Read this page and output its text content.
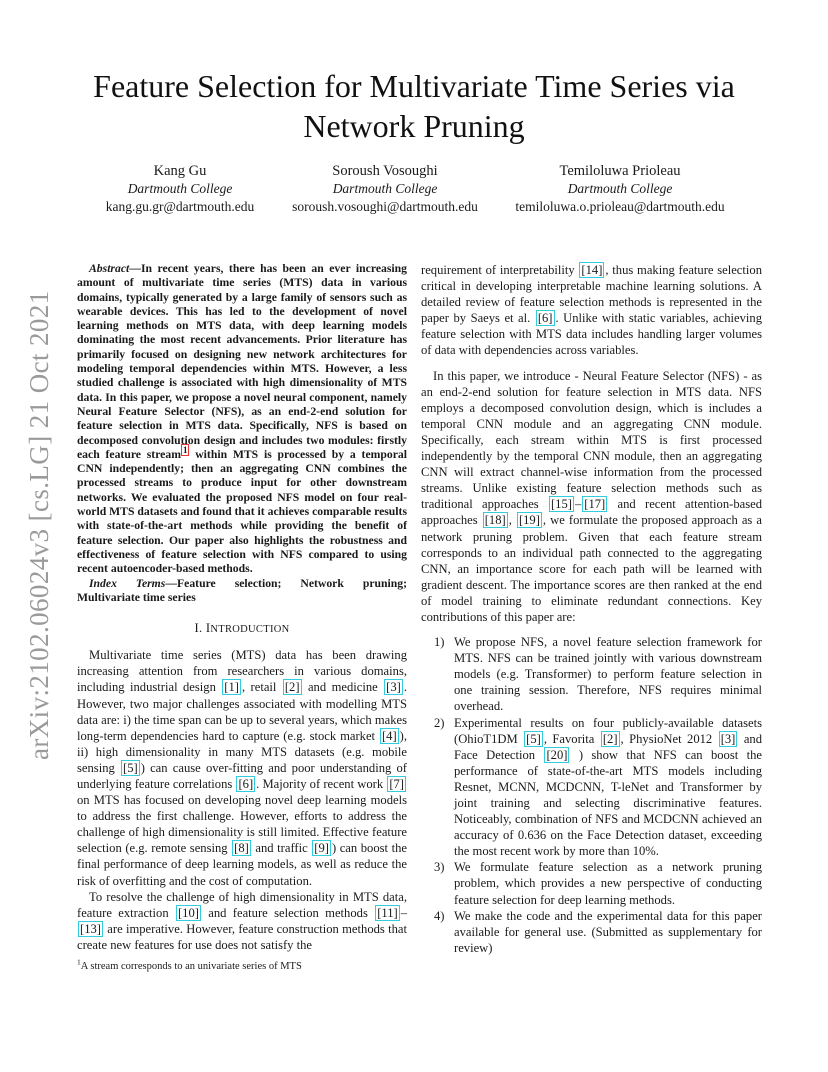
arXiv:2102.06024v3 [cs.LG] 21 Oct 2021
Feature Selection for Multivariate Time Series via Network Pruning
Kang Gu
Dartmouth College
kang.gu.gr@dartmouth.edu
Soroush Vosoughi
Dartmouth College
soroush.vosoughi@dartmouth.edu
Temiloluwa Prioleau
Dartmouth College
temiloluwa.o.prioleau@dartmouth.edu

Abstract—In recent years, there has been an ever increasing amount of multivariate time series (MTS) data in various domains, typically generated by a large family of sensors such as wearable devices. This has led to the development of novel learning methods on MTS data, with deep learning models dominating the most recent advancements. Prior literature has primarily focused on designing new network architectures for modeling temporal dependencies within MTS. However, a less studied challenge is associated with high dimensionality of MTS data. In this paper, we propose a novel neural component, namely Neural Feature Selector (NFS), as an end-2-end solution for feature selection in MTS data. Specifically, NFS is based on decomposed convolution design and includes two modules: firstly each feature stream $^1$ within MTS is processed by a temporal CNN independently; then an aggregating CNN combines the processed streams to produce input for other downstream networks. We evaluated the proposed NFS model on four real-world MTS datasets and found that it achieves comparable results with state-of-the-art methods while providing the benefit of feature selection. Our paper also highlights the robustness and effectiveness of feature selection with NFS compared to using recent autoencoder-based methods.

Index Terms—Feature selection; Network pruning; Multivariate time series

I. INTRODUCTION

Multivariate time series (MTS) data has been drawing increasing attention from researchers in various domains, including industrial design [1] , retail [2] and medicine [3] . However, two major challenges associated with modelling MTS data are: i) the time span can be up to several years, which makes long-term dependencies hard to capture (e.g. stock market [4] ), ii) high dimensionality in many MTS datasets (e.g. mobile sensing [5] ) can cause over-fitting and poor understanding of underlying feature correlations [6] . Majority of recent work [7] on MTS has focused on developing novel deep learning models to address the first challenge. However, efforts to address the challenge of high dimensionality is still limited. Effective feature selection (e.g. remote sensing [8] and traffic [9] ) can boost the final performance of deep learning models, as well as reduce the risk of overfitting and the cost of computation.

To resolve the challenge of high dimensionality in MTS data, feature extraction [10] and feature selection methods [11] –[13] are imperative. However, feature construction methods that create new features for use does not satisfy the

$^1$A stream corresponds to an univariate series of MTS

requirement of interpretability [14] , thus making feature selection critical in developing interpretable machine learning solutions. A detailed review of feature selection methods is represented in the paper by Saeys et al. [6] . Unlike with static variables, achieving feature selection with MTS data includes handling larger volumes of data with dependencies across variables.

In this paper, we introduce - Neural Feature Selector (NFS) - as an end-2-end solution for feature selection in MTS data. NFS employs a decomposed convolution design, which is includes a temporal CNN module and an aggregating CNN module. Specifically, each stream within MTS is first processed independently by the temporal CNN module, then an aggregating CNN will extract channel-wise information from the processed streams. Unlike existing feature selection methods such as traditional approaches [15] – [17] and recent attention-based approaches [18] , [19] , we formulate the proposed approach as a network pruning problem. Given that each feature stream corresponds to an individual path connected to the aggregating CNN, an importance score for each path will be learned with gradient descent. The importance scores are then ranked at the end of model training to eliminate redundant connections. Key contributions of this paper are:

1) We propose NFS, a novel feature selection framework for MTS. NFS can be trained jointly with various downstream models (e.g. Transformer) to perform feature selection in one training session. Therefore, NFS requires minimal overhead.
2) Experimental results on four publicly-available datasets (OhioT1DM [5] , Favorita [2] , PhysioNet 2012 [3] and Face Detection [20] ) show that NFS can boost the performance of state-of-the-art MTS models including Resnet, MCNN, MCDCNN, T-leNet and Transformer by joint training and selecting discriminative features. Noticeably, combination of NFS and MCDCNN achieved an accuracy of 0.636 on the Face Detection dataset, exceeding the most recent work by more than 10%.
3) We formulate feature selection as a network pruning problem, which provides a new perspective of conducting feature selection for deep learning methods.
4) We make the code and the experimental data for this paper available for general use. (Submitted as supplementary for review)
